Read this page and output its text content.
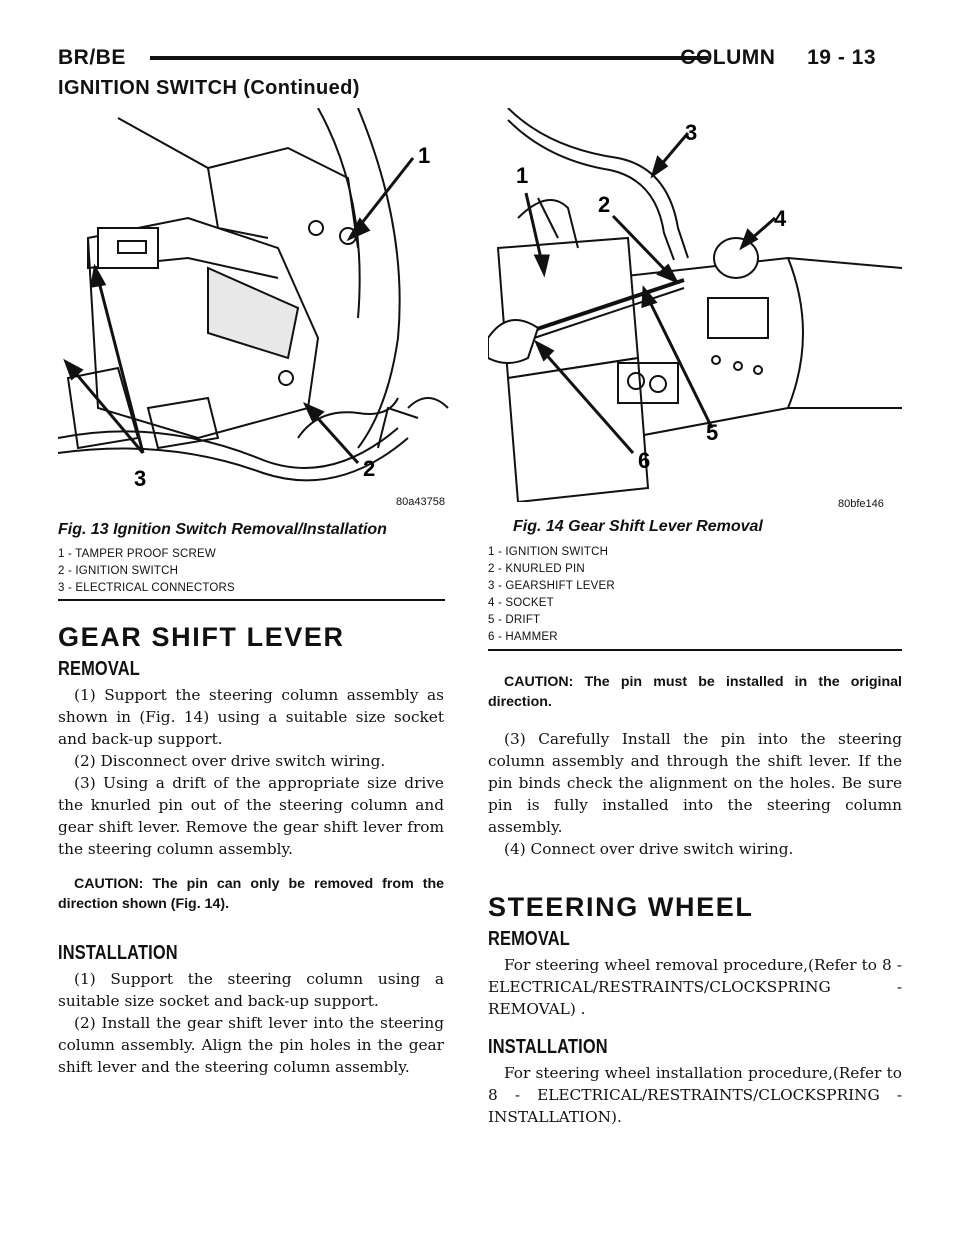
BR/BE	COLUMN     19 - 13
IGNITION SWITCH (Continued)
1
2
3
80a43758
Fig. 13 Ignition Switch Removal/Installation
1 - TAMPER PROOF SCREW
2 - IGNITION SWITCH
3 - ELECTRICAL CONNECTORS
1
2
3
4
5
6
80bfe146
Fig. 14 Gear Shift Lever Removal
1 - IGNITION SWITCH
2 - KNURLED PIN
3 - GEARSHIFT LEVER
4 - SOCKET
5 - DRIFT
6 - HAMMER
GEAR SHIFT LEVER
REMOVAL

(1) Support the steering column assembly as shown in (Fig. 14) using a suitable size socket and back-up support.

(2) Disconnect over drive switch wiring.

(3) Using a drift of the appropriate size drive the knurled pin out of the steering column and gear shift lever. Remove the gear shift lever from the steering column assembly.

CAUTION: The pin can only be removed from the direction shown (Fig. 14).

INSTALLATION

(1) Support the steering column using a suitable size socket and back-up support.

(2) Install the gear shift lever into the steering column assembly. Align the pin holes in the gear shift lever and the steering column assembly.

CAUTION: The pin must be installed in the original direction.

(3) Carefully Install the pin into the steering column assembly and through the shift lever. If the pin binds check the alignment on the holes. Be sure pin is fully installed into the steering column assembly.

(4) Connect over drive switch wiring.

STEERING WHEEL
REMOVAL

For steering wheel removal procedure,(Refer to 8 - ELECTRICAL/RESTRAINTS/CLOCKSPRING - REMOVAL) .

INSTALLATION

For steering wheel installation procedure,(Refer to 8 - ELECTRICAL/RESTRAINTS/CLOCKSPRING - INSTALLATION).
